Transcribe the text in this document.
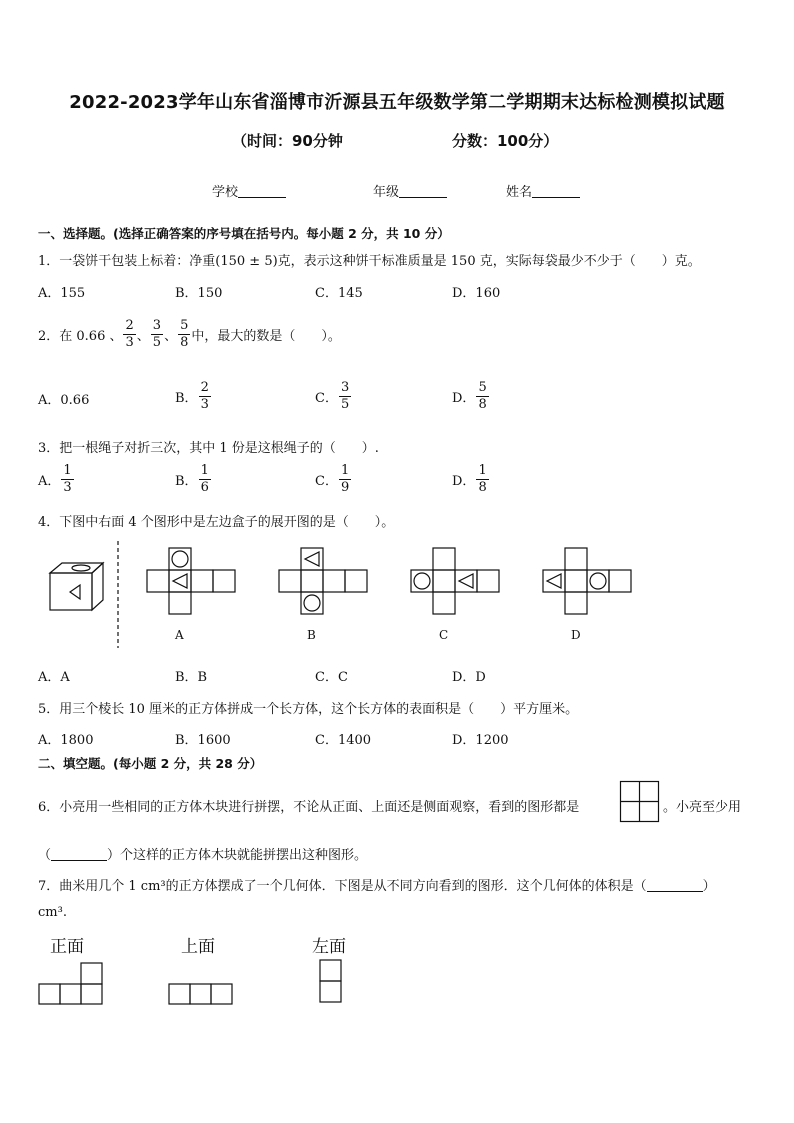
2022-2023学年山东省淄博市沂源县五年级数学第二学期期末达标检测模拟试题
（时间：90分钟	分数：100分）
学校	年级	姓名
一、选择题。(选择正确答案的序号填在括号内。每小题 2 分，共 10 分）
1．一袋饼干包装上标着：净重(150 ± 5)克，表示这种饼干标准质量是 150 克，实际每袋最少不少于（　　）克。
A．155	B．150	C．145	D．160
2．在 0.66 、 $\frac{2}{3}$ 、 $\frac{3}{5}$ 、 $\frac{5}{8}$ 中，最大的数是（　　）。
A．0.66	B． $\frac{2}{3}$	C． $\frac{3}{5}$	D． $\frac{5}{8}$
3．把一根绳子对折三次，其中 1 份是这根绳子的（　　）.
A． $\frac{1}{3}$	B． $\frac{1}{6}$	C． $\frac{1}{9}$	D． $\frac{1}{8}$
4．下图中右面 4 个图形中是左边盒子的展开图的是（　　）。
A	B	C	D
A．A	B．B	C．C	D．D
5．用三个棱长 10 厘米的正方体拼成一个长方体，这个长方体的表面积是（　　）平方厘米。
A．1800	B．1600	C．1400	D．1200
二、填空题。(每小题 2 分，共 28 分）
6．小亮用一些相同的正方体木块进行拼摆，不论从正面、上面还是侧面观察，看到的图形都是	。小亮至少用
（	）个这样的正方体木块就能拼摆出这种图形。
7．曲米用几个 1 cm³的正方体摆成了一个几何体．下图是从不同方向看到的图形．这个几何体的体积是（	）
cm³.
正面	上面	左面
